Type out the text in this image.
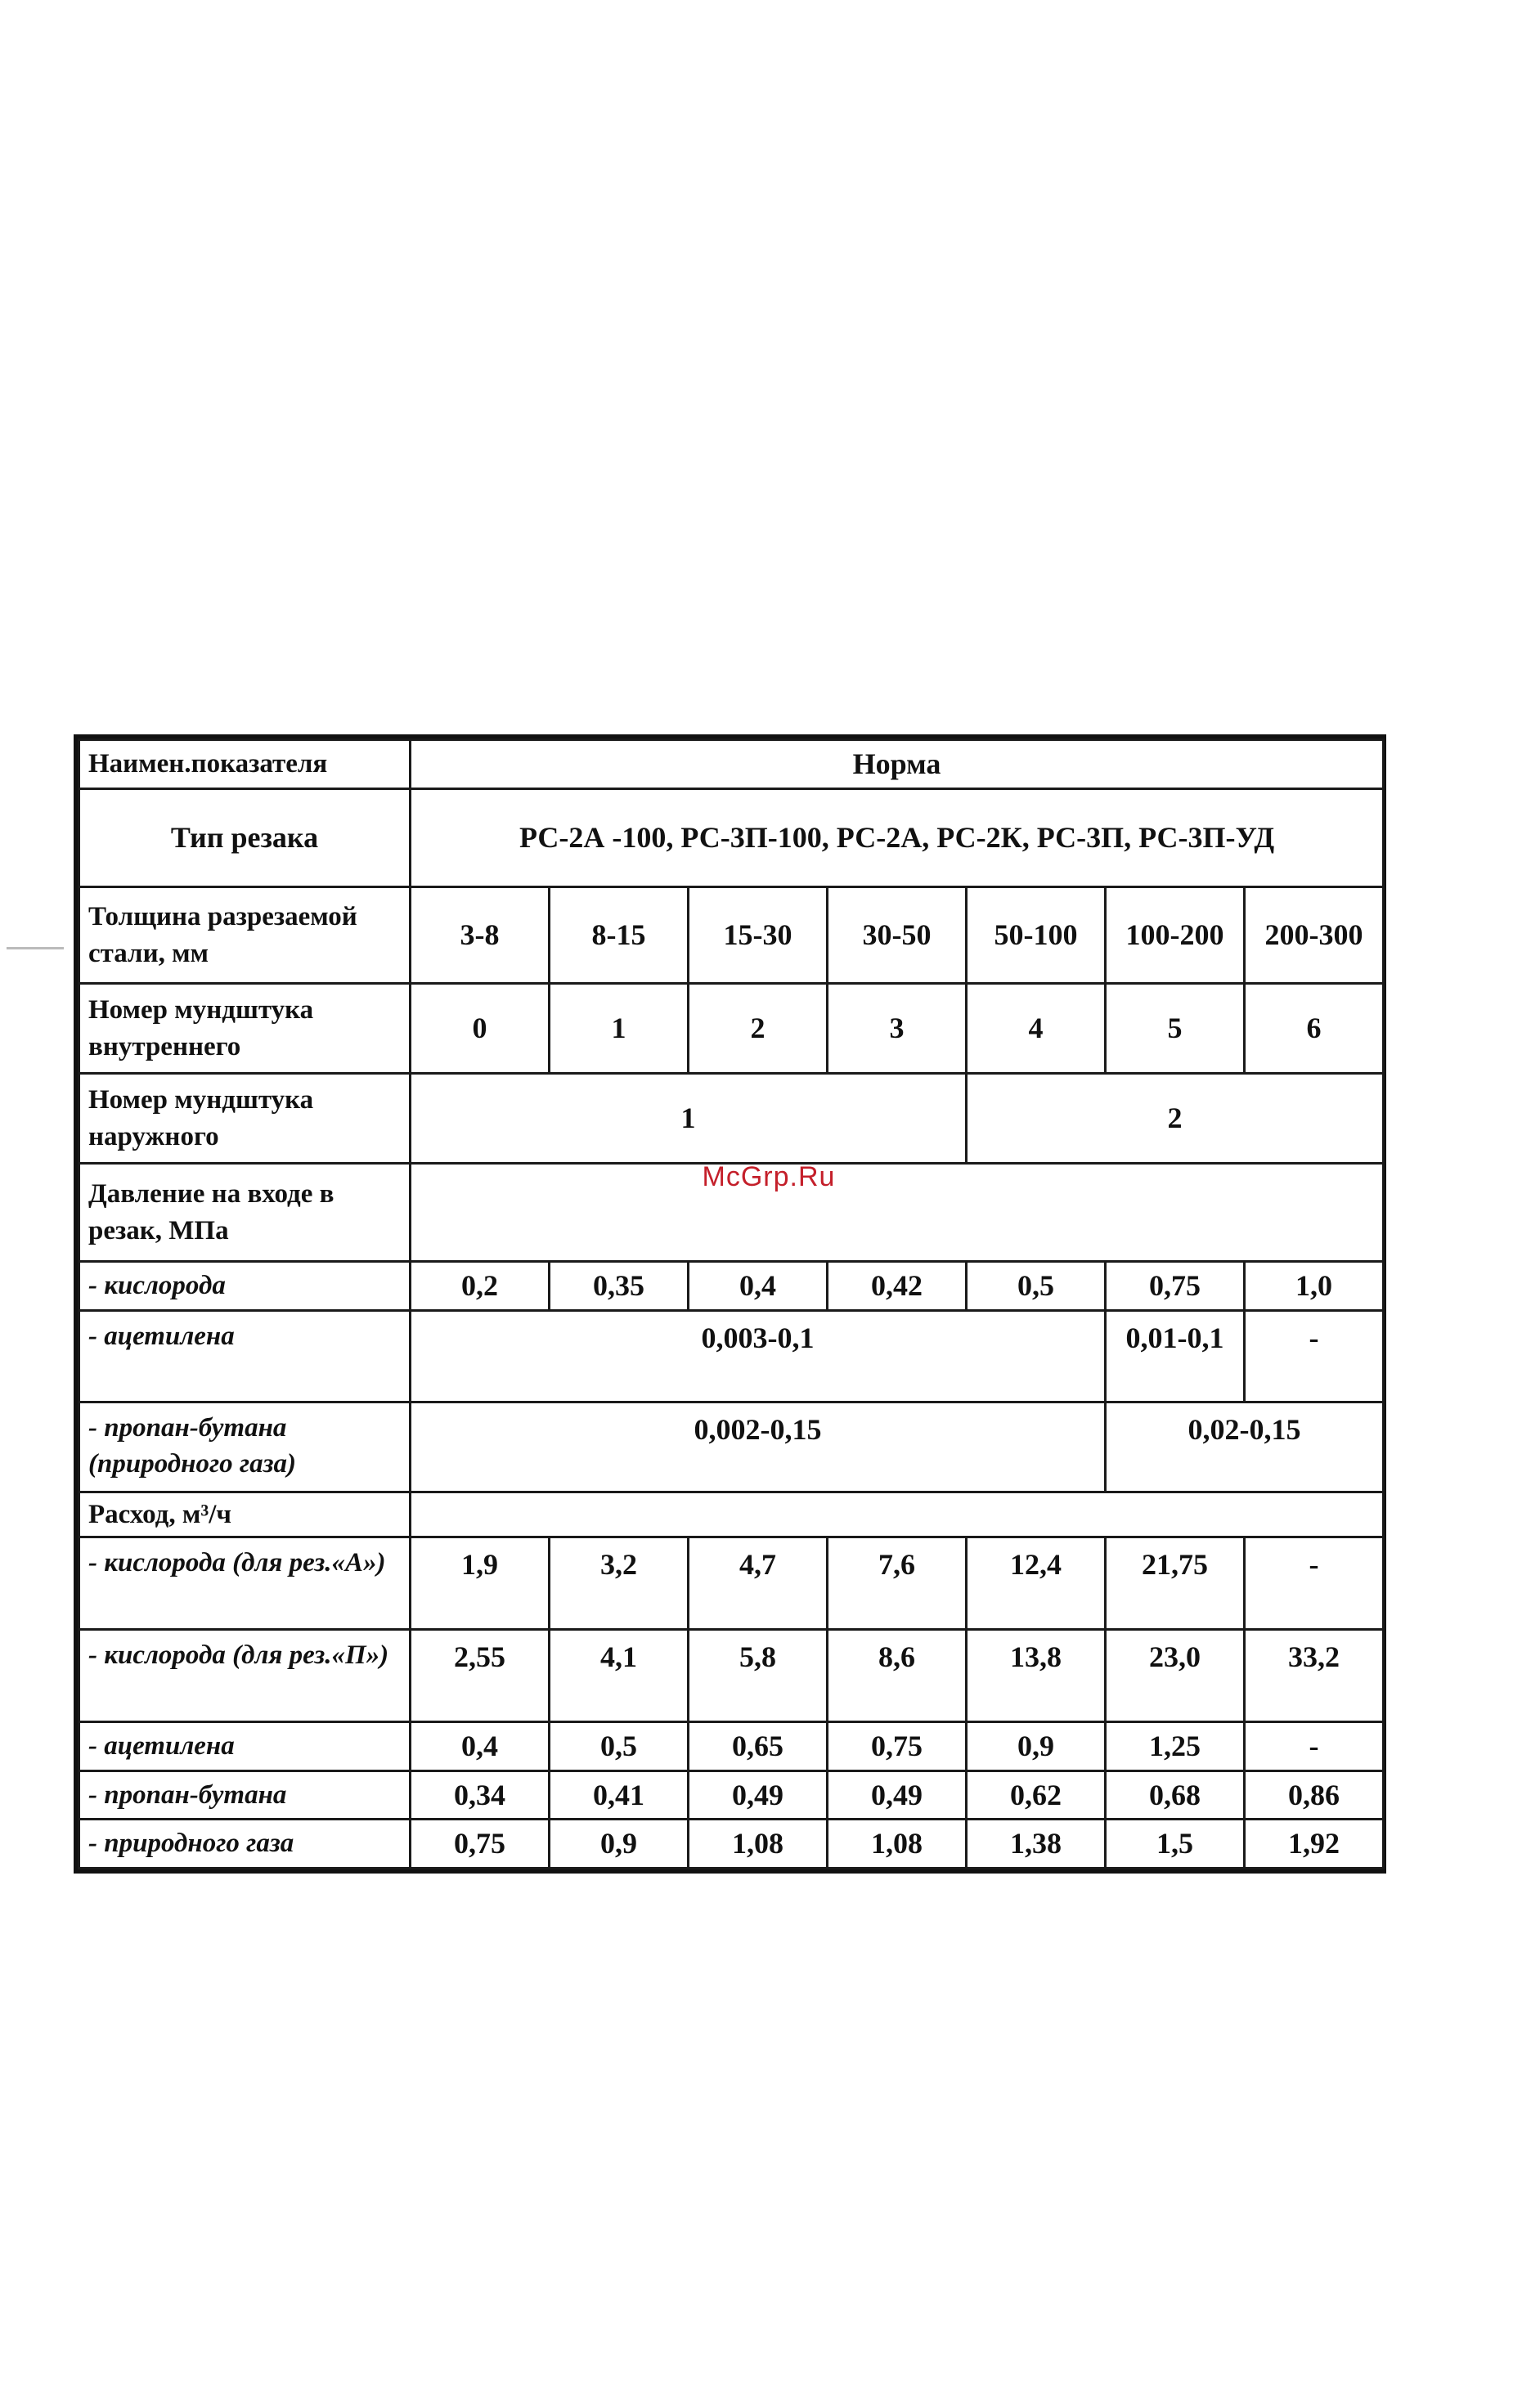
Наимен.показателя	Норма						
Тип резака	РС-2А -100, РС-3П-100, РС-2А, РС-2К, РС-3П, РС-3П-УД						
Толщина разрезаемой стали, мм	3-8	8-15	15-30	30-50	50-100	100-200	200-300
Номер мундштука внутреннего	0	1	2	3	4	5	6
Номер мундштука наружного	1				2		
Давление на входе в резак, МПа							
- кислорода	0,2	0,35	0,4	0,42	0,5	0,75	1,0
- ацетилена	0,003-0,1					0,01-0,1	-
- пропан-бутана (природного газа)	0,002-0,15					0,02-0,15	
Расход, м³/ч							
- кислорода (для рез.«А»)	1,9	3,2	4,7	7,6	12,4	21,75	-
- кислорода (для рез.«П»)	2,55	4,1	5,8	8,6	13,8	23,0	33,2
- ацетилена	0,4	0,5	0,65	0,75	0,9	1,25	-
- пропан-бутана	0,34	0,41	0,49	0,49	0,62	0,68	0,86
- природного газа	0,75	0,9	1,08	1,08	1,38	1,5	1,92
McGrp.Ru
